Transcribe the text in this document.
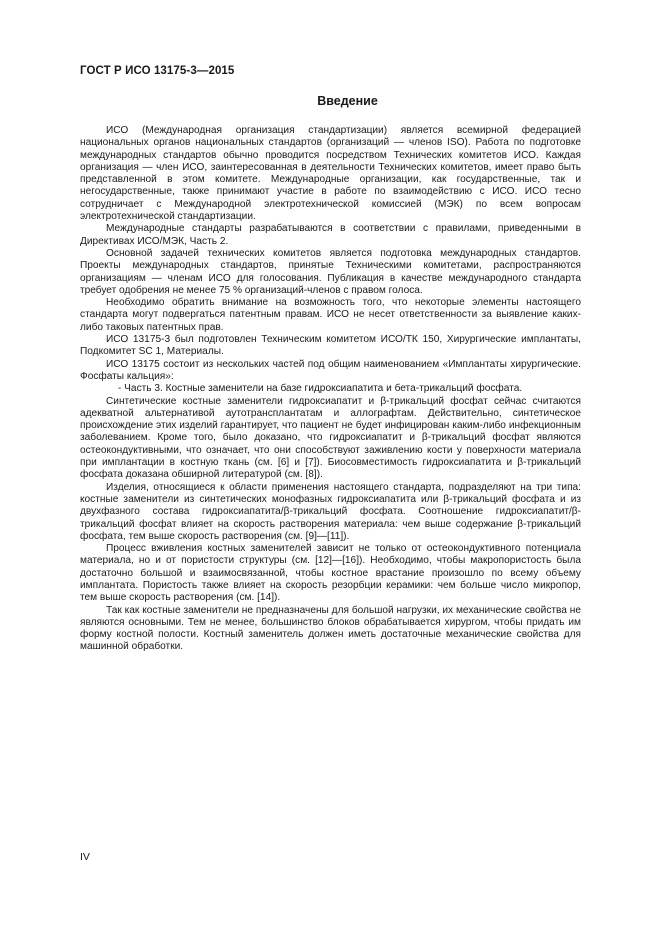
ГОСТ Р ИСО 13175-3—2015
Введение

ИСО (Международная организация стандартизации) является всемирной федерацией национальных органов национальных стандартов (организаций — членов ISO). Работа по подготовке международных стандартов обычно проводится посредством Технических комитетов ИСО. Каждая организация — член ИСО, заинтересованная в деятельности Технических комитетов, имеет право быть представленной в этом комитете. Международные организации, как государственные, так и негосударственные, также принимают участие в работе по взаимодействию с ИСО. ИСО тесно сотрудничает с Международной электротехнической комиссией (МЭК) по всем вопросам электротехнической стандартизации.

Международные стандарты разрабатываются в соответствии с правилами, приведенными в Директивах ИСО/МЭК, Часть 2.

Основной задачей технических комитетов является подготовка международных стандартов. Проекты международных стандартов, принятые Техническими комитетами, распространяются организациям — членам ИСО для голосования. Публикация в качестве международного стандарта требует одобрения не менее 75 % организаций-членов с правом голоса.

Необходимо обратить внимание на возможность того, что некоторые элементы настоящего стандарта могут подвергаться патентным правам. ИСО не несет ответственности за выявление каких-либо таковых патентных прав.

ИСО 13175-3 был подготовлен Техническим комитетом ИСО/ТК 150, Хирургические имплантаты, Подкомитет SC 1, Материалы.

ИСО 13175 состоит из нескольких частей под общим наименованием «Имплантаты хирургические. Фосфаты кальция»:

- Часть 3. Костные заменители на базе гидроксиапатита и бета-трикальций фосфата.

Синтетические костные заменители гидроксиапатит и β-трикальций фосфат сейчас считаются адекватной альтернативой аутотрансплантатам и аллографтам. Действительно, синтетическое происхождение этих изделий гарантирует, что пациент не будет инфицирован каким-либо инфекционным заболеванием. Кроме того, было доказано, что гидроксиапатит и β-трикальций фосфат являются остеокондуктивными, что означает, что они способствуют заживлению кости у поверхности материала при имплантации в костную ткань (см. [6] и [7]). Биосовместимость гидроксиапатита и β-трикальций фосфата доказана обширной литературой (см. [8]).

Изделия, относящиеся к области применения настоящего стандарта, подразделяют на три типа: костные заменители из синтетических монофазных гидроксиапатита или β-трикальций фосфата и из двухфазного состава гидроксиапатита/β-трикальций фосфата. Соотношение гидроксиапатит/β-трикальций фосфат влияет на скорость растворения материала: чем выше содержание β-трикальций фосфата, тем выше скорость растворения (см. [9]—[11]).

Процесс вживления костных заменителей зависит не только от остеокондуктивного потенциала материала, но и от пористости структуры (см. [12]—[16]). Необходимо, чтобы макропористость была достаточно большой и взаимосвязанной, чтобы костное врастание произошло по всему объему имплантата. Пористость также влияет на скорость резорбции керамики: чем больше число микропор, тем выше скорость растворения (см. [14]).

Так как костные заменители не предназначены для большой нагрузки, их механические свойства не являются основными. Тем не менее, большинство блоков обрабатывается хирургом, чтобы придать им форму костной полости. Костный заменитель должен иметь достаточные механические свойства для машинной обработки.

IV
